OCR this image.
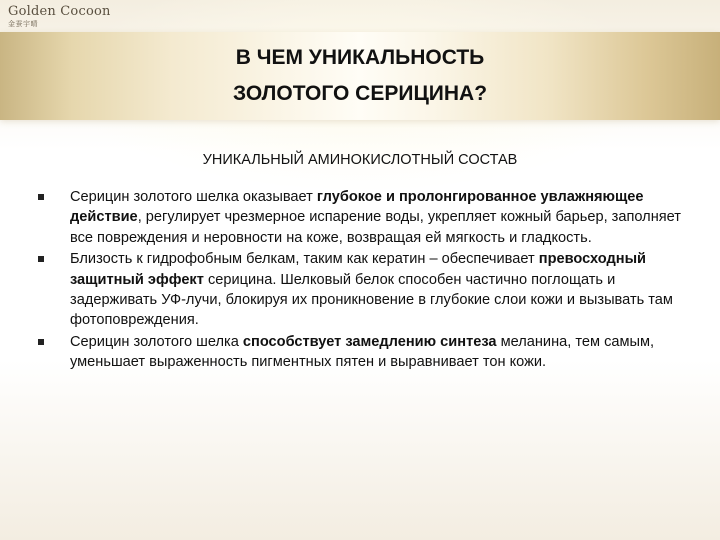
Golden Cocoon
金蚕宇晴
В ЧЕМ УНИКАЛЬНОСТЬ
ЗОЛОТОГО СЕРИЦИНА?
УНИКАЛЬНЫЙ АМИНОКИСЛОТНЫЙ СОСТАВ
Серицин золотого шелка оказывает глубокое и пролонгированное увлажняющее действие, регулирует чрезмерное испарение воды, укрепляет кожный барьер, заполняет все повреждения и неровности на коже, возвращая ей мягкость и гладкость.
Близость к гидрофобным белкам, таким как кератин – обеспечивает превосходный защитный эффект серицина. Шелковый белок способен частично поглощать и задерживать УФ-лучи, блокируя их проникновение в глубокие слои кожи и вызывать там фотоповреждения.
Серицин золотого шелка способствует замедлению синтеза меланина, тем самым, уменьшает выраженность пигментных пятен и выравнивает тон кожи.
